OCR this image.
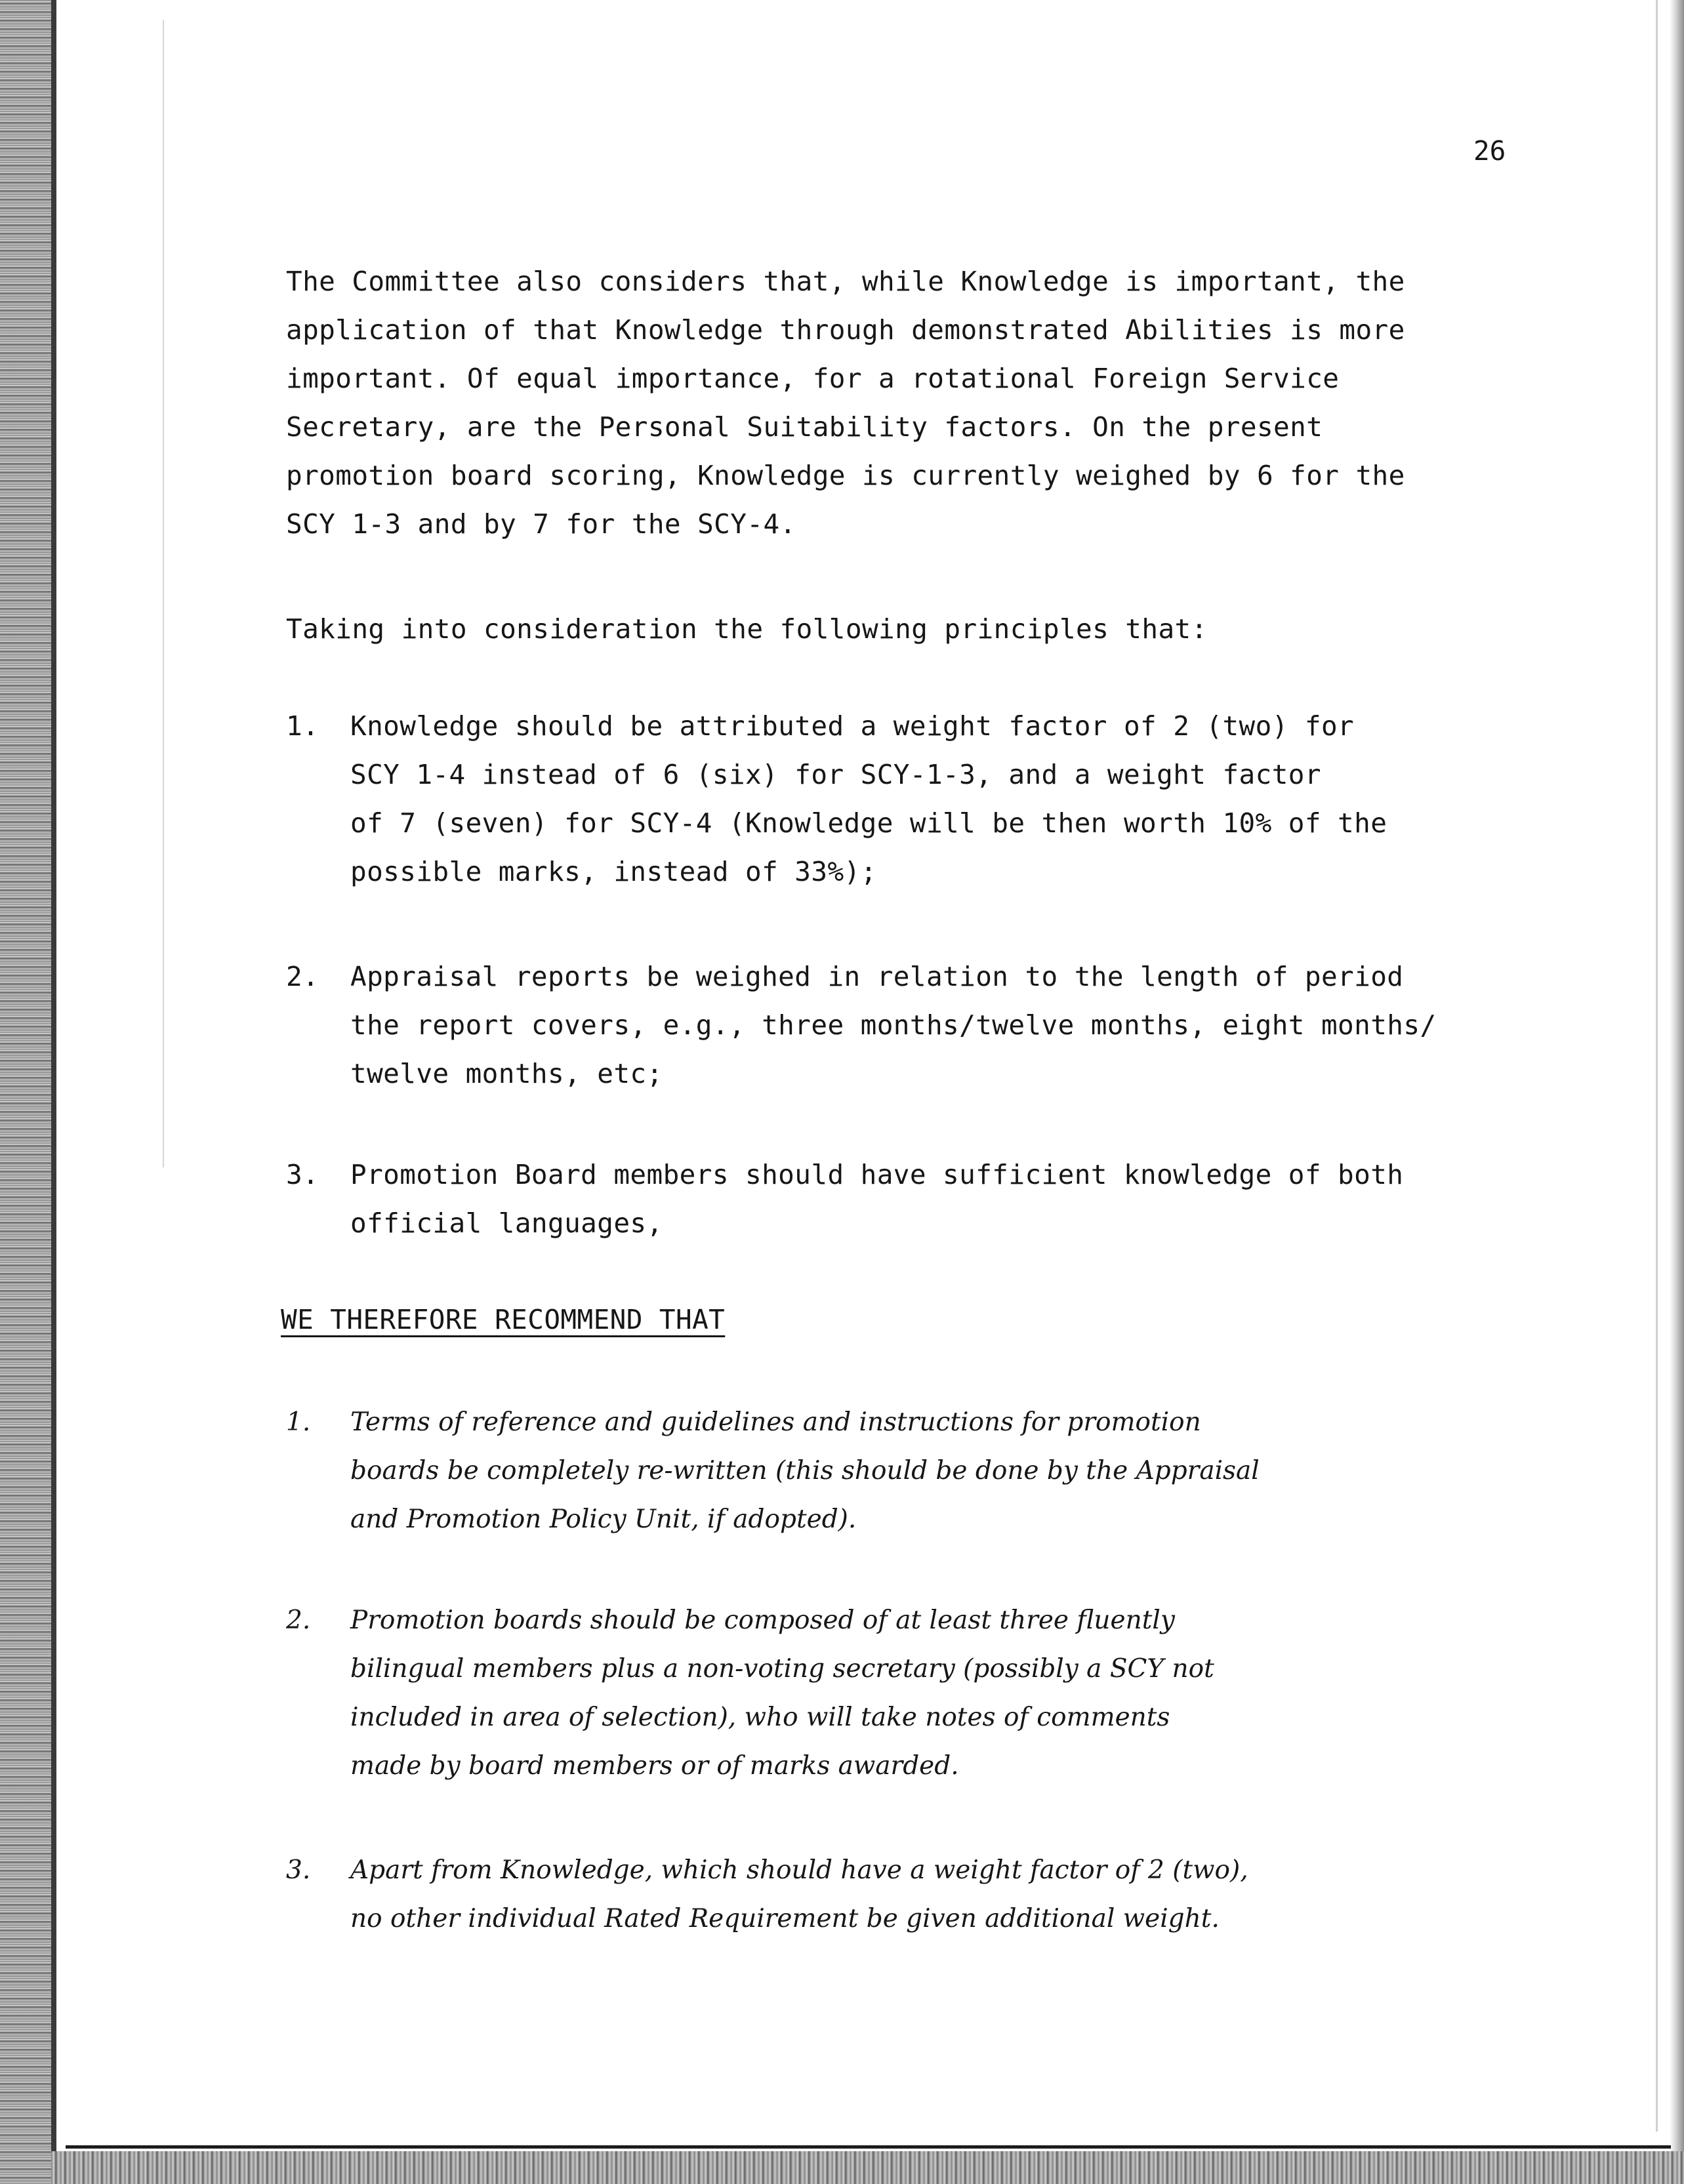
26
The Committee also considers that, while Knowledge is important, the
application of that Knowledge through demonstrated Abilities is more
important. Of equal importance, for a rotational Foreign Service
Secretary, are the Personal Suitability factors. On the present
promotion board scoring, Knowledge is currently weighed by 6 for the
SCY 1-3 and by 7 for the SCY-4.
Taking into consideration the following principles that:
1. Knowledge should be attributed a weight factor of 2 (two) for
SCY 1-4 instead of 6 (six) for SCY-1-3, and a weight factor
of 7 (seven) for SCY-4 (Knowledge will be then worth 10% of the
possible marks, instead of 33%);
2. Appraisal reports be weighed in relation to the length of period
the report covers, e.g., three months/twelve months, eight months/
twelve months, etc;
3. Promotion Board members should have sufficient knowledge of both
official languages,
WE THEREFORE RECOMMEND THAT
1. Terms of reference and guidelines and instructions for promotion
boards be completely re-written (this should be done by the Appraisal
and Promotion Policy Unit, if adopted).
2. Promotion boards should be composed of at least three fluently
bilingual members plus a non-voting secretary (possibly a SCY not
included in area of selection), who will take notes of comments
made by board members or of marks awarded.
3. Apart from Knowledge, which should have a weight factor of 2 (two),
no other individual Rated Requirement be given additional weight.
